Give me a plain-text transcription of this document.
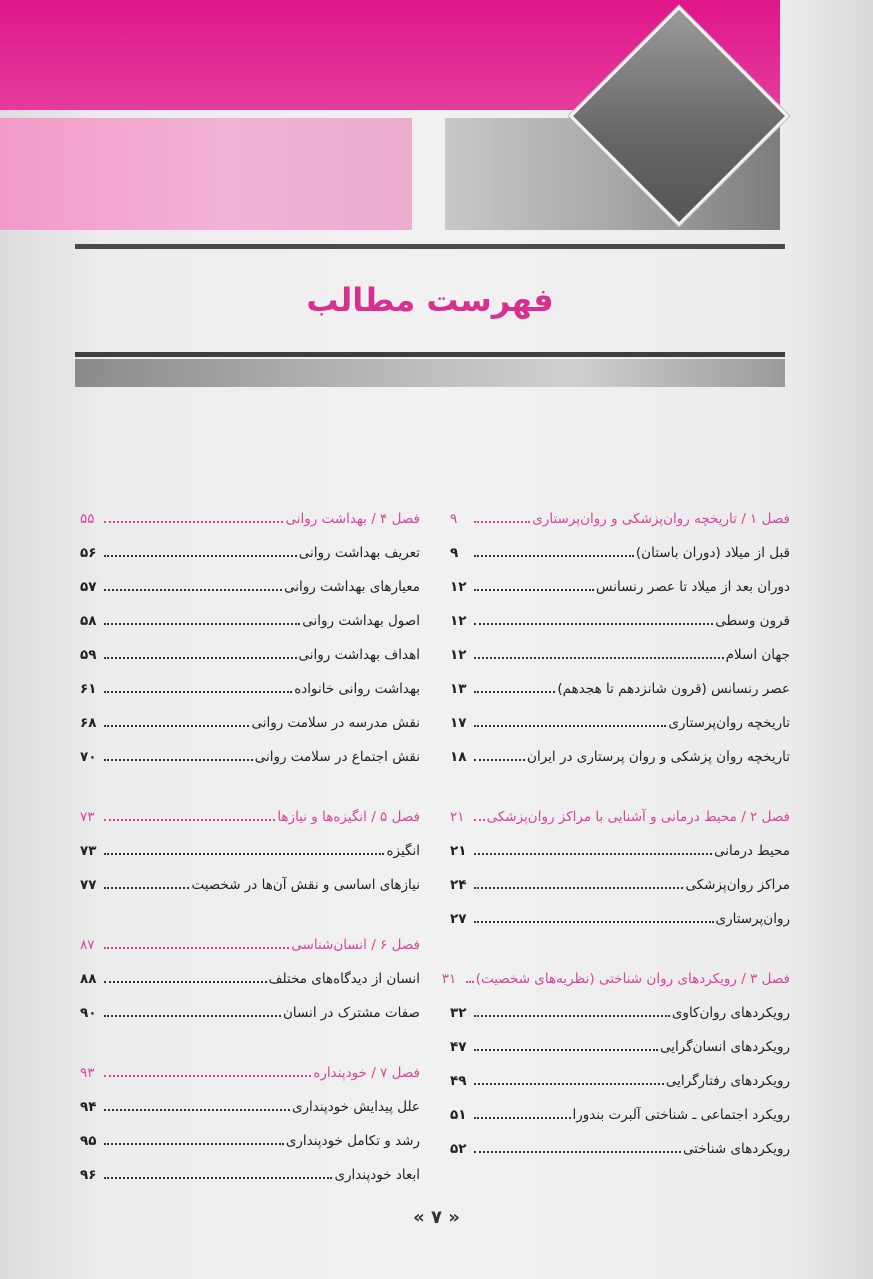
فهرست مطالب
فصل ۱ / تاریخچه روان‌پزشکی و روان‌پرستاری
۹
قبل از میلاد (دوران باستان)
۹
دوران بعد از میلاد تا عصر رنسانس
۱۲
قرون وسطی
۱۲
جهان اسلام
۱۲
عصر رنسانس (قرون شانزدهم تا هجدهم)
۱۳
تاریخچه روان‌پرستاری
۱۷
تاریخچه روان پزشکی و روان پرستاری در ایران
۱۸
فصل ۲ / محیط درمانی و آشنایی با مراکز روان‌پزشکی
۲۱
محیط درمانی
۲۱
مراکز روان‌پزشکی
۲۴
روان‌پرستاری
۲۷
فصل ۳ / رویکردهای روان شناختی (نظریه‌های شخصیت)
۳۱
رویکردهای روان‌کاوی
۳۲
رویکردهای انسان‌گرایی
۴۷
رویکردهای رفتارگرایی
۴۹
رویکرد اجتماعی ـ شناختی آلبرت بندورا
۵۱
رویکردهای شناختی
۵۲
فصل ۴ / بهداشت روانی
۵۵
تعریف بهداشت روانی
۵۶
معیارهای بهداشت روانی
۵۷
اصول بهداشت روانی
۵۸
اهداف بهداشت روانی
۵۹
بهداشت روانی خانواده
۶۱
نقش مدرسه در سلامت روانی
۶۸
نقش اجتماع در سلامت روانی
۷۰
فصل ۵ / انگیزه‌ها و نیازها
۷۳
انگیزه
۷۳
نیازهای اساسی و نقش آن‌ها در شخصیت
۷۷
فصل ۶ / انسان‌شناسی
۸۷
انسان از دیدگاه‌های مختلف
۸۸
صفات مشترک در انسان
۹۰
فصل ۷ / خودپنداره
۹۳
علل پیدایش خودپنداری
۹۴
رشد و تکامل خودپنداری
۹۵
ابعاد خودپنداری
۹۶
« ۷ »
